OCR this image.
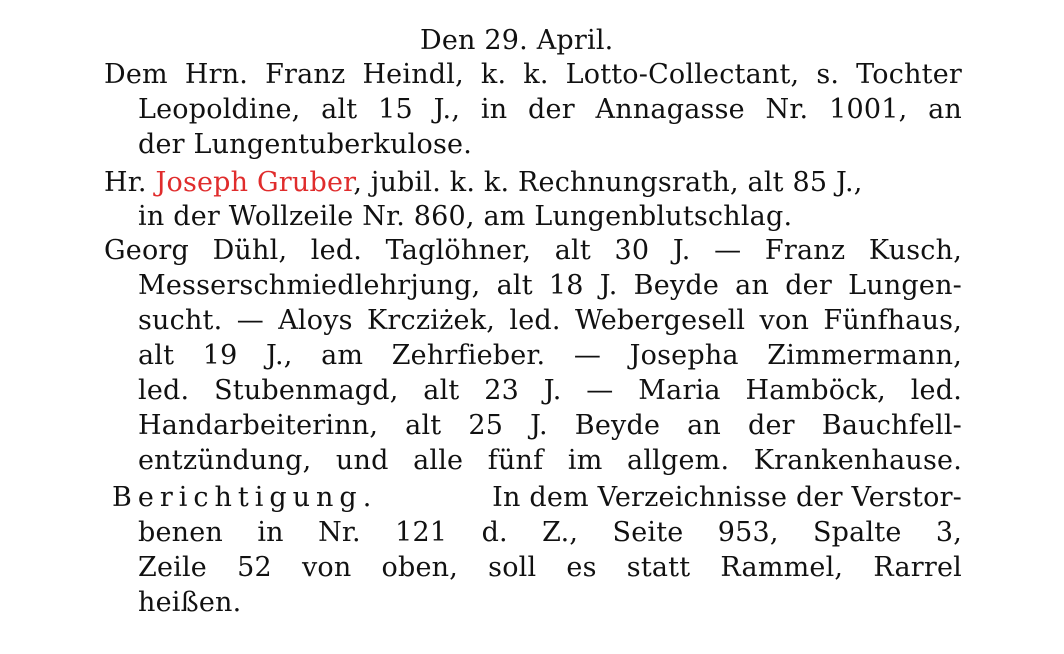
Den 29. April.
Dem Hrn. Franz Heindl, k. k. Lotto-Collectant, s. Tochter
Leopoldine, alt 15 J., in der Annagasse Nr. 1001, an
der Lungentuberkulose.
Hr. Joseph Gruber, jubil. k. k. Rechnungsrath, alt 85 J.,
in der Wollzeile Nr. 860, am Lungenblutschlag.
Georg Dühl, led. Taglöhner, alt 30 J. — Franz Kusch,
Messerschmiedlehrjung, alt 18 J. Beyde an der Lungen-
sucht. — Aloys Krcziżek, led. Webergesell von Fünfhaus,
alt 19 J., am Zehrfieber. — Josepha Zimmermann,
led. Stubenmagd, alt 23 J. — Maria Hamböck, led.
Handarbeiterinn, alt 25 J. Beyde an der Bauchfell-
entzündung, und alle fünf im allgem. Krankenhause.
Berichtigung.	In dem Verzeichnisse der Verstor-
benen in Nr. 121 d. Z., Seite 953, Spalte 3,
Zeile 52 von oben, soll es statt Rammel, Rarrel
heißen.
